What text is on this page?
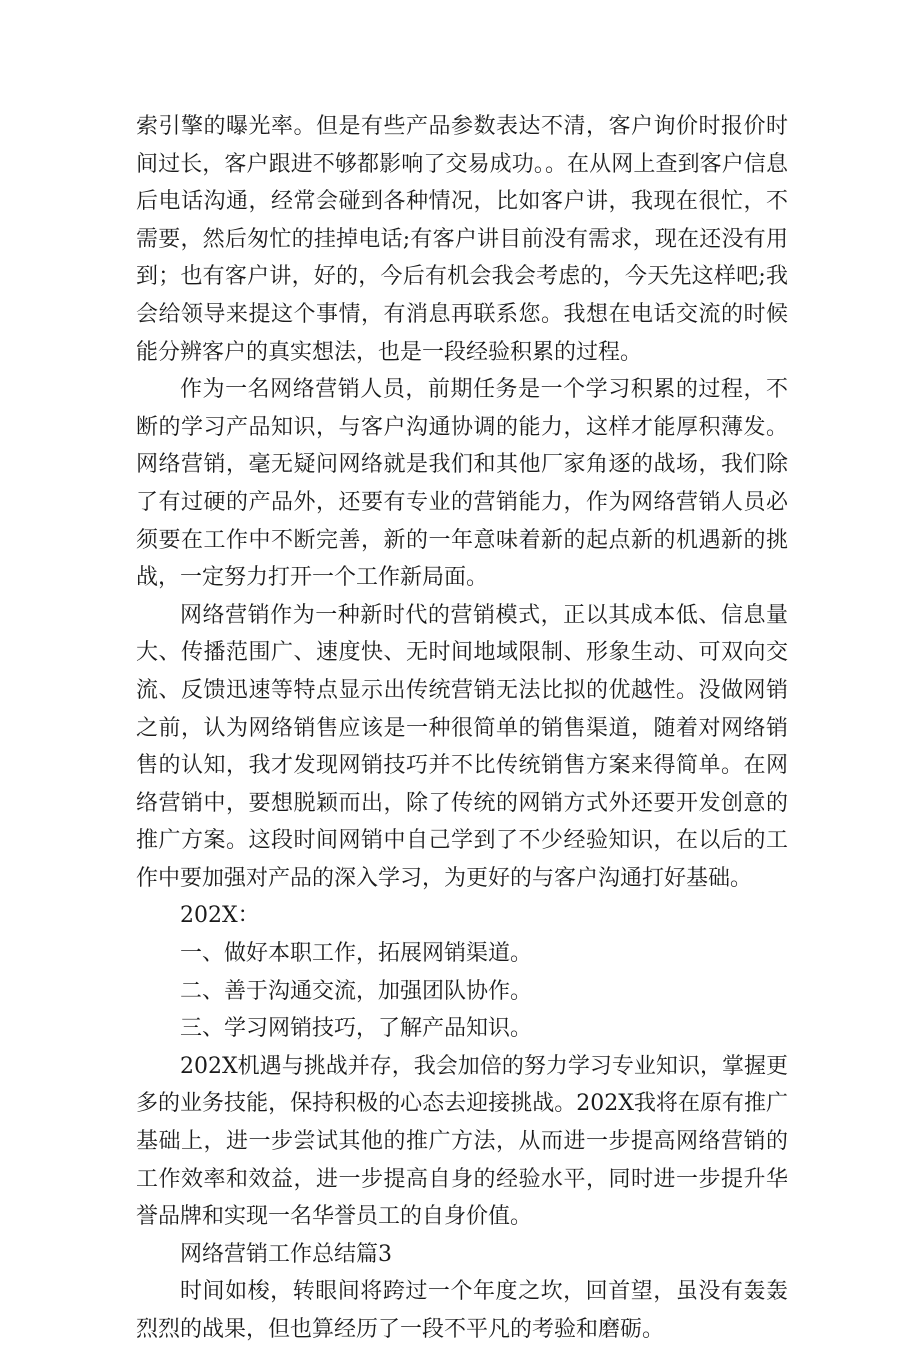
索引擎的曝光率。但是有些产品参数表达不清，客户询价时报价时间过长，客户跟进不够都影响了交易成功。。在从网上查到客户信息后电话沟通，经常会碰到各种情况，比如客户讲，我现在很忙，不需要，然后匆忙的挂掉电话;有客户讲目前没有需求，现在还没有用到；也有客户讲，好的，今后有机会我会考虑的，今天先这样吧;我会给领导来提这个事情，有消息再联系您。我想在电话交流的时候能分辨客户的真实想法，也是一段经验积累的过程。

作为一名网络营销人员，前期任务是一个学习积累的过程，不断的学习产品知识，与客户沟通协调的能力，这样才能厚积薄发。网络营销，毫无疑问网络就是我们和其他厂家角逐的战场，我们除了有过硬的产品外，还要有专业的营销能力，作为网络营销人员必须要在工作中不断完善，新的一年意味着新的起点新的机遇新的挑战，一定努力打开一个工作新局面。

网络营销作为一种新时代的营销模式，正以其成本低、信息量大、传播范围广、速度快、无时间地域限制、形象生动、可双向交流、反馈迅速等特点显示出传统营销无法比拟的优越性。没做网销之前，认为网络销售应该是一种很简单的销售渠道，随着对网络销售的认知，我才发现网销技巧并不比传统销售方案来得简单。在网络营销中，要想脱颖而出，除了传统的网销方式外还要开发创意的推广方案。这段时间网销中自己学到了不少经验知识，在以后的工作中要加强对产品的深入学习，为更好的与客户沟通打好基础。

202X：

一、做好本职工作，拓展网销渠道。

二、善于沟通交流，加强团队协作。

三、学习网销技巧，了解产品知识。

202X机遇与挑战并存，我会加倍的努力学习专业知识，掌握更多的业务技能，保持积极的心态去迎接挑战。202X我将在原有推广基础上，进一步尝试其他的推广方法，从而进一步提高网络营销的工作效率和效益，进一步提高自身的经验水平，同时进一步提升华誉品牌和实现一名华誉员工的自身价值。

网络营销工作总结篇3

时间如梭，转眼间将跨过一个年度之坎，回首望，虽没有轰轰烈烈的战果，但也算经历了一段不平凡的考验和磨砺。
